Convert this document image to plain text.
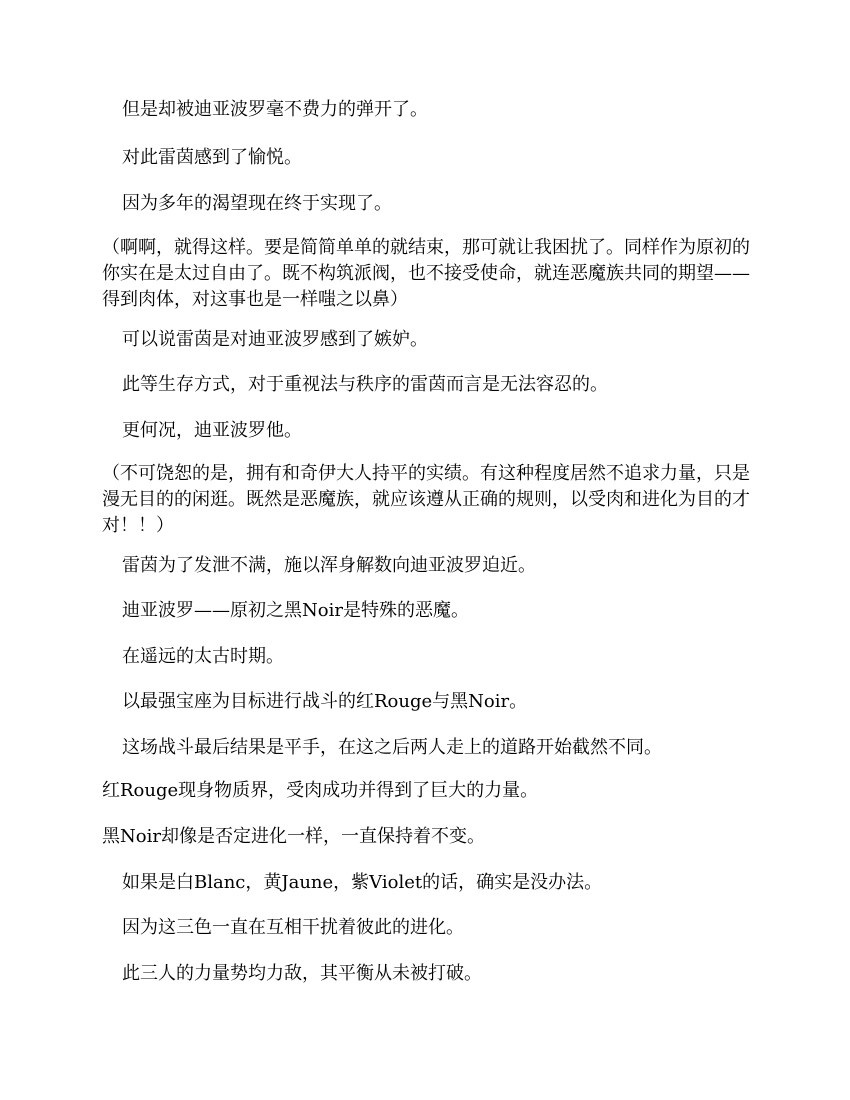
但是却被迪亚波罗毫不费力的弹开了。

对此雷茵感到了愉悦。

因为多年的渴望现在终于实现了。

（啊啊，就得这样。要是简简单单的就结束，那可就让我困扰了。同样作为原初的你实在是太过自由了。既不构筑派阀，也不接受使命，就连恶魔族共同的期望——得到肉体，对这事也是一样嗤之以鼻）

可以说雷茵是对迪亚波罗感到了嫉妒。

此等生存方式，对于重视法与秩序的雷茵而言是无法容忍的。

更何况，迪亚波罗他。

（不可饶恕的是，拥有和奇伊大人持平的实绩。有这种程度居然不追求力量，只是漫无目的的闲逛。既然是恶魔族，就应该遵从正确的规则，以受肉和进化为目的才对！！）

雷茵为了发泄不满，施以浑身解数向迪亚波罗迫近。

迪亚波罗——原初之黑Noir是特殊的恶魔。

在遥远的太古时期。

以最强宝座为目标进行战斗的红Rouge与黑Noir。

这场战斗最后结果是平手，在这之后两人走上的道路开始截然不同。

红Rouge现身物质界，受肉成功并得到了巨大的力量。

黑Noir却像是否定进化一样，一直保持着不变。

如果是白Blanc，黄Jaune，紫Violet的话，确实是没办法。

因为这三色一直在互相干扰着彼此的进化。

此三人的力量势均力敌，其平衡从未被打破。
